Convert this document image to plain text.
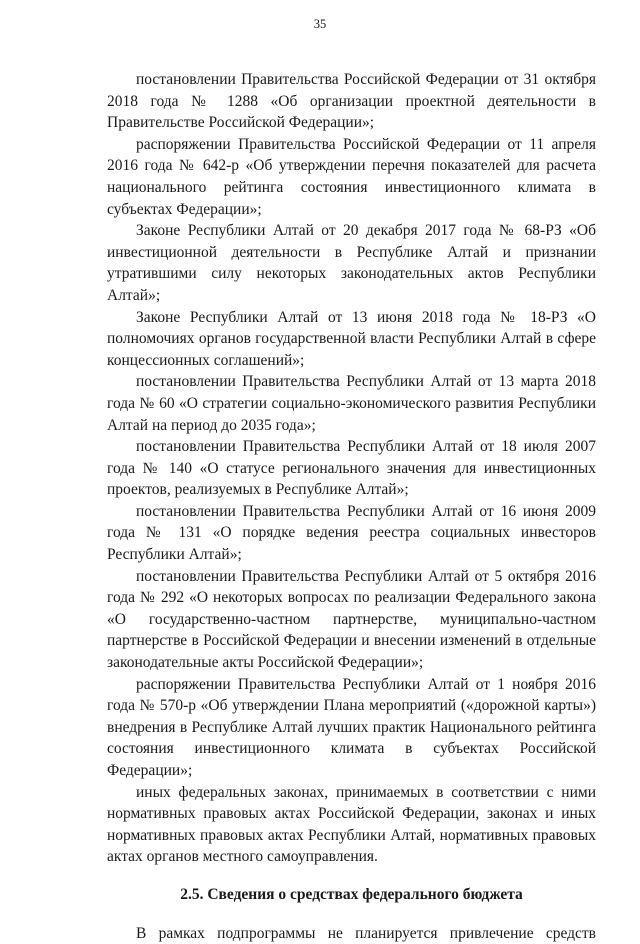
35

постановлении Правительства Российской Федерации от 31 октября 2018 года № 1288 «Об организации проектной деятельности в Правительстве Российской Федерации»;

распоряжении Правительства Российской Федерации от 11 апреля 2016 года № 642-р «Об утверждении перечня показателей для расчета национального рейтинга состояния инвестиционного климата в субъектах Федерации»;

Законе Республики Алтай от 20 декабря 2017 года № 68-РЗ «Об инвестиционной деятельности в Республике Алтай и признании утратившими силу некоторых законодательных актов Республики Алтай»;

Законе Республики Алтай от 13 июня 2018 года № 18-РЗ «О полномочиях органов государственной власти Республики Алтай в сфере концессионных соглашений»;

постановлении Правительства Республики Алтай от 13 марта 2018 года № 60 «О стратегии социально-экономического развития Республики Алтай на период до 2035 года»;

постановлении Правительства Республики Алтай от 18 июля 2007 года № 140 «О статусе регионального значения для инвестиционных проектов, реализуемых в Республике Алтай»;

постановлении Правительства Республики Алтай от 16 июня 2009 года № 131 «О порядке ведения реестра социальных инвесторов Республики Алтай»;

постановлении Правительства Республики Алтай от 5 октября 2016 года № 292 «О некоторых вопросах по реализации Федерального закона «О государственно-частном партнерстве, муниципально-частном партнерстве в Российской Федерации и внесении изменений в отдельные законодательные акты Российской Федерации»;

распоряжении Правительства Республики Алтай от 1 ноября 2016 года № 570-р «Об утверждении Плана мероприятий («дорожной карты») внедрения в Республике Алтай лучших практик Национального рейтинга состояния инвестиционного климата в субъектах Российской Федерации»;

иных федеральных законах, принимаемых в соответствии с ними нормативных правовых актах Российской Федерации, законах и иных нормативных правовых актах Республики Алтай, нормативных правовых актах органов местного самоуправления.

2.5. Сведения о средствах федерального бюджета

В рамках подпрограммы не планируется привлечение средств
